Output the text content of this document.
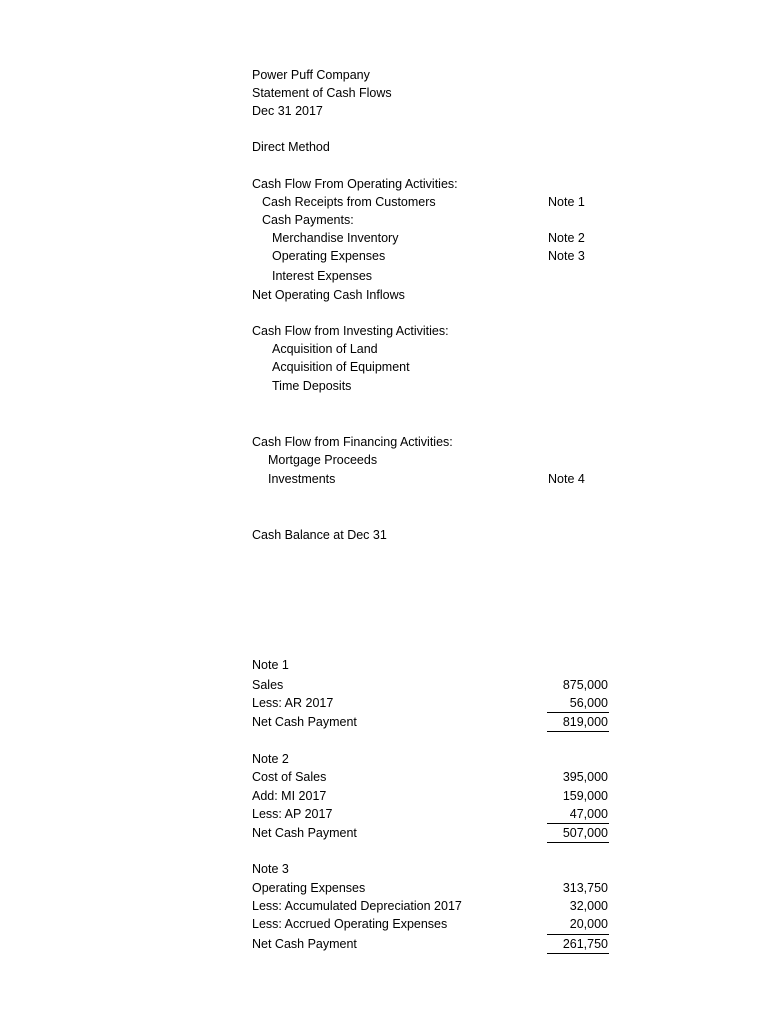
Power Puff Company
Statement of Cash Flows
Dec 31 2017
Direct Method
Cash Flow From Operating Activities:
Cash Receipts from Customers	Note 1
Cash Payments:
Merchandise Inventory	Note 2
Operating Expenses	Note 3
Interest Expenses
Net Operating Cash Inflows
Cash Flow from Investing Activities:
Acquisition of Land
Acquisition of Equipment
Time Deposits
Cash Flow from Financing Activities:
Mortgage Proceeds
Investments	Note 4
Cash Balance at Dec 31
Note 1
Sales	875,000
Less: AR 2017	56,000
Net Cash Payment	819,000
Note 2
Cost of Sales	395,000
Add: MI 2017	159,000
Less: AP 2017	47,000
Net Cash Payment	507,000
Note 3
Operating Expenses	313,750
Less: Accumulated Depreciation 2017	32,000
Less: Accrued Operating Expenses	20,000
Net Cash Payment	261,750
